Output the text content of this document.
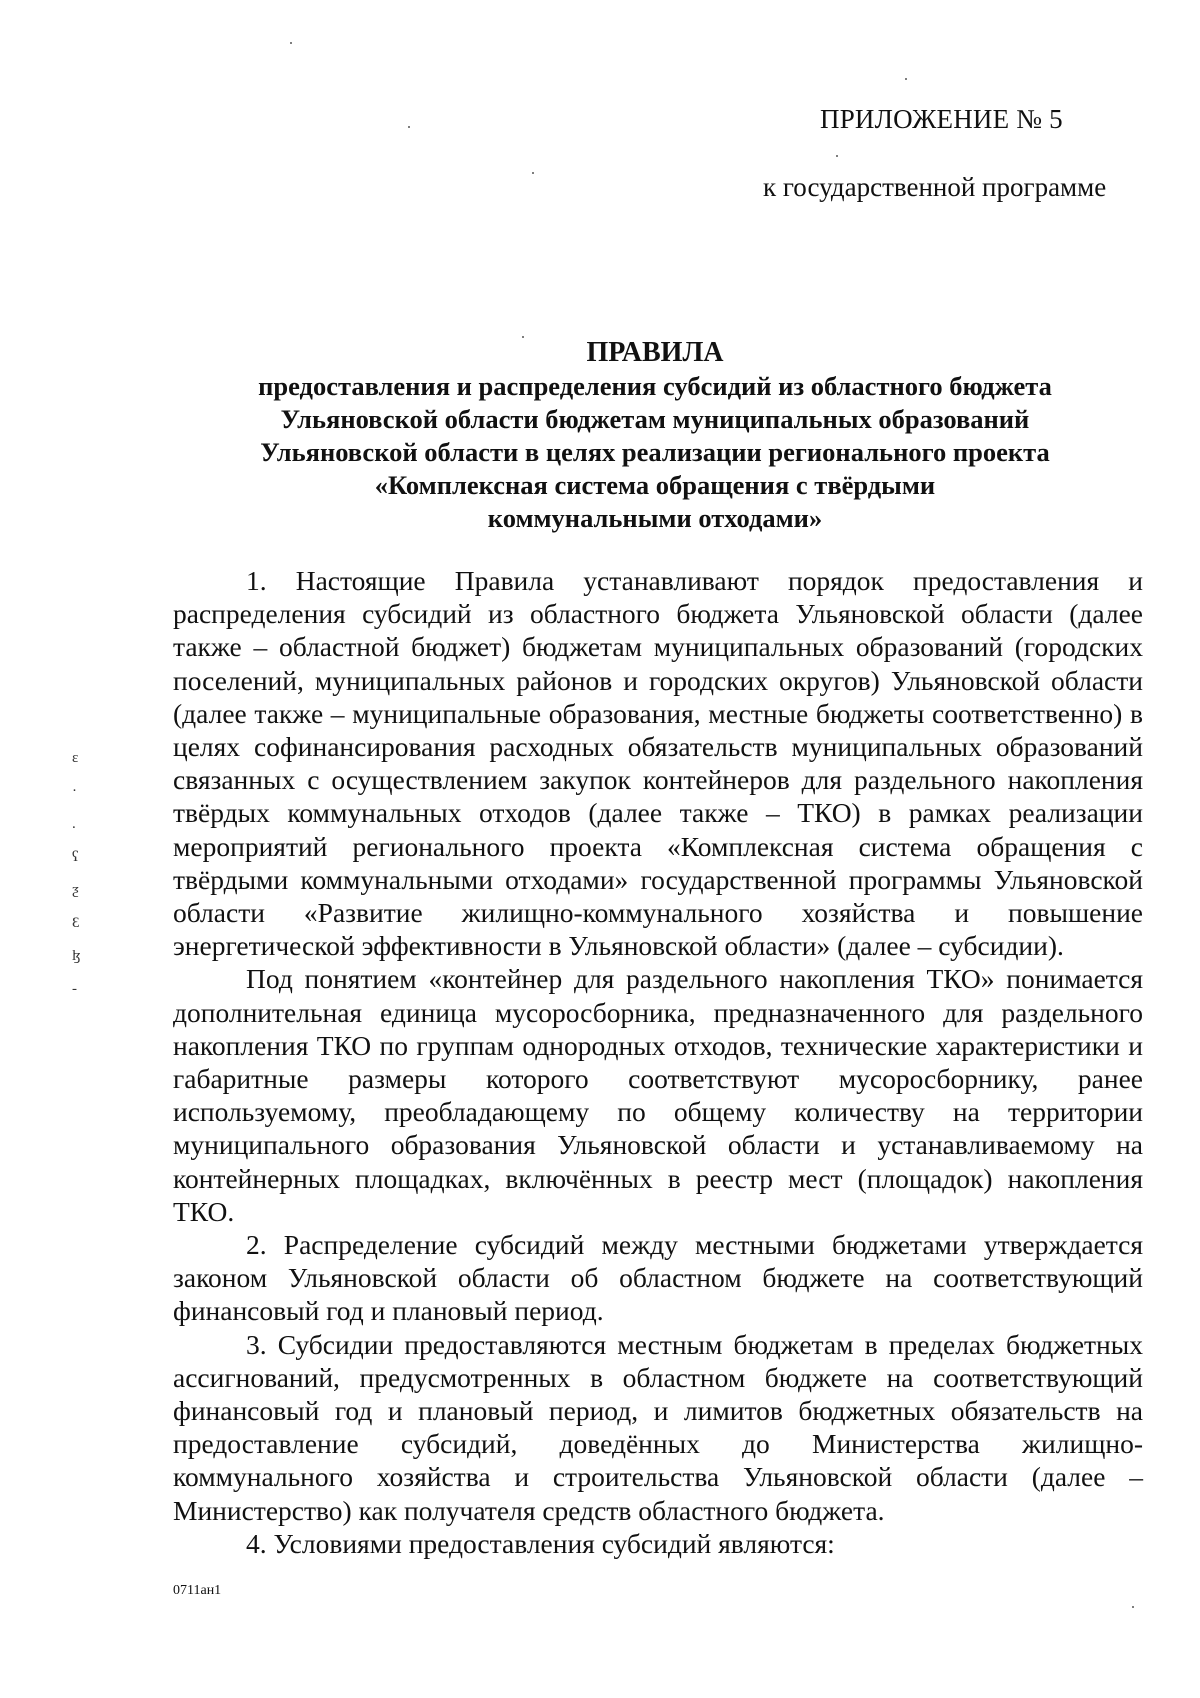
ПРИЛОЖЕНИЕ № 5
к государственной программе
ПРАВИЛА
предоставления и распределения субсидий из областного бюджета
Ульяновской области бюджетам муниципальных образований
Ульяновской области в целях реализации регионального проекта
«Комплексная система обращения с твёрдыми
коммунальными отходами»

1. Настоящие Правила устанавливают порядок предоставления и распределения субсидий из областного бюджета Ульяновской области (далее также – областной бюджет) бюджетам муниципальных образований (городских поселений, муниципальных районов и городских округов) Ульяновской области (далее также – муниципальные образования, местные бюджеты соответственно) в целях софинансирования расходных обязательств муниципальных образований связанных с осуществлением закупок контейнеров для раздельного накопления твёрдых коммунальных отходов (далее также – ТКО) в рамках реализации мероприятий регионального проекта «Комплексная система обращения с твёрдыми коммунальными отходами» государственной программы Ульяновской области «Развитие жилищно-коммунального хозяйства и повышение энергетической эффективности в Ульяновской области» (далее – субсидии).

Под понятием «контейнер для раздельного накопления ТКО» понимается дополнительная единица мусоросборника, предназначенного для раздельного накопления ТКО по группам однородных отходов, технические характеристики и габаритные размеры которого соответствуют мусоросборнику, ранее используемому, преобладающему по общему количеству на территории муниципального образования Ульяновской области и устанавливаемому на контейнерных площадках, включённых в реестр мест (площадок) накопления ТКО.

2. Распределение субсидий между местными бюджетами утверждается законом Ульяновской области об областном бюджете на соответствующий финансовый год и плановый период.

3. Субсидии предоставляются местным бюджетам в пределах бюджетных ассигнований, предусмотренных в областном бюджете на соответствующий финансовый год и плановый период, и лимитов бюджетных обязательств на предоставление субсидий, доведённых до Министерства жилищно-коммунального хозяйства и строительства Ульяновской области (далее – Министерство) как получателя средств областного бюджета.

4. Условиями предоставления субсидий являются:

ɛ
·
.
ʕ
ƺ
Ɛ
ɮ
-
0711ан1
